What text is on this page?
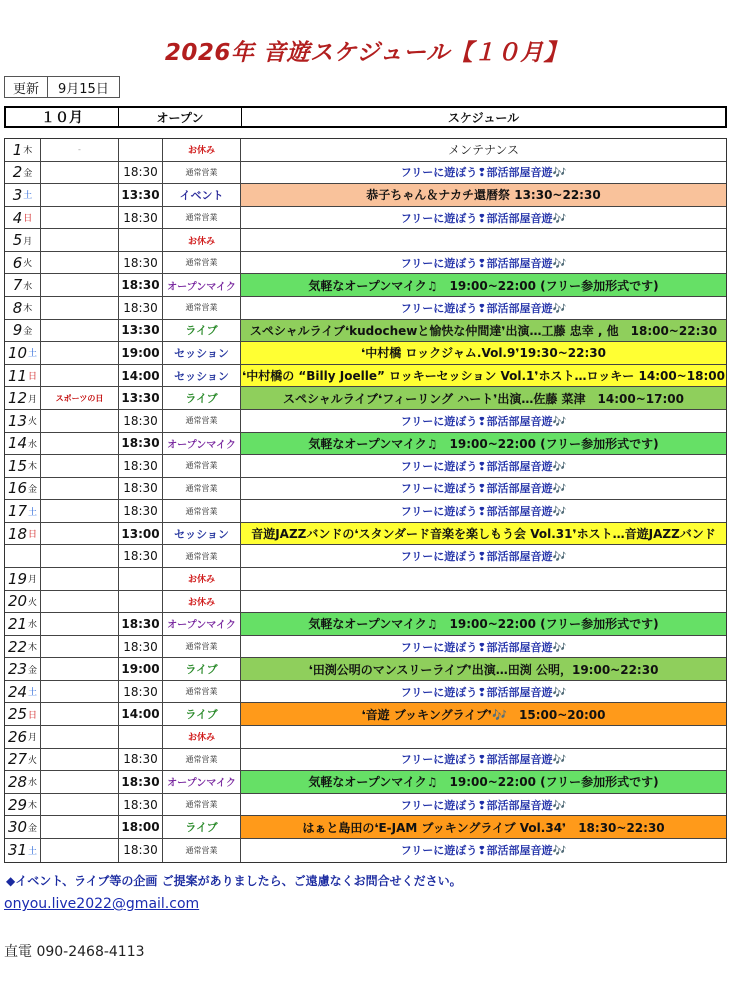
2026年 音遊スケジュール【１０月】
更新	9月15日
１０月	オープン	スケジュール
1 木	-	お休み	メンテナンス
2 金	18:30	通常営業	フリーに遊ぼう❢部活部屋音遊🎶
3 土	13:30	イベント	恭子ちゃん＆ナカチ還暦祭 13:30~22:30
4 日	18:30	通常営業	フリーに遊ぼう❢部活部屋音遊🎶
5 月	お休み
6 火	18:30	通常営業	フリーに遊ぼう❢部活部屋音遊🎶
7 水	18:30 オープンマイク	気軽なオープンマイク♫　19:00~22:00 (フリー参加形式です)
8 木	18:30	通常営業	フリーに遊ぼう❢部活部屋音遊🎶
9 金	13:30	ライブ	スペシャルライブ❛kudochewと愉快な仲間達❜出演…工藤 忠幸 , 他　18:00~22:30
10 土	19:00	セッション	❛中村橋 ロックジャム.Vol.9❜19:30~22:30
11 日	14:00	セッション	❛中村橋の “Billy Joelle” ロッキーセッション Vol.1❜ホスト…ロッキー 14:00~18:00
12 月	スポーツの日	13:30	ライブ	スペシャルライブ❛フィーリング ハート❜出演…佐藤 菜津　14:00~17:00
13 火	18:30	通常営業	フリーに遊ぼう❢部活部屋音遊🎶
14 水	18:30 オープンマイク	気軽なオープンマイク♫　19:00~22:00 (フリー参加形式です)
15 木	18:30	通常営業	フリーに遊ぼう❢部活部屋音遊🎶
16 金	18:30	通常営業	フリーに遊ぼう❢部活部屋音遊🎶
17 土	18:30	通常営業	フリーに遊ぼう❢部活部屋音遊🎶
18 日	13:00	セッション	音遊JAZZバンドの❛スタンダード音楽を楽しもう会 Vol.31❜ホスト…音遊JAZZバンド
18:30	通常営業	フリーに遊ぼう❢部活部屋音遊🎶
19 月	お休み
20 火	お休み
21 水	18:30 オープンマイク	気軽なオープンマイク♫　19:00~22:00 (フリー参加形式です)
22 木	18:30	通常営業	フリーに遊ぼう❢部活部屋音遊🎶
23 金	19:00	ライブ	❛田渕公明のマンスリーライブ❜出演…田渕 公明，19:00~22:30
24 土	18:30	通常営業	フリーに遊ぼう❢部活部屋音遊🎶
25 日	14:00	ライブ	❛音遊 ブッキングライブ❜🎶　15:00~20:00
26 月	お休み
27 火	18:30	通常営業	フリーに遊ぼう❢部活部屋音遊🎶
28 水	18:30 オープンマイク	気軽なオープンマイク♫　19:00~22:00 (フリー参加形式です)
29 木	18:30	通常営業	フリーに遊ぼう❢部活部屋音遊🎶
30 金	18:00	ライブ	はぁと島田の❛E-JAM ブッキングライブ Vol.34❜　18:30~22:30
31 土	18:30	通常営業	フリーに遊ぼう❢部活部屋音遊🎶
◆イベント、ライブ等の企画 ご提案がありましたら、ご遠慮なくお問合せください。
onyou.live2022@gmail.com
直電 090-2468-4113
